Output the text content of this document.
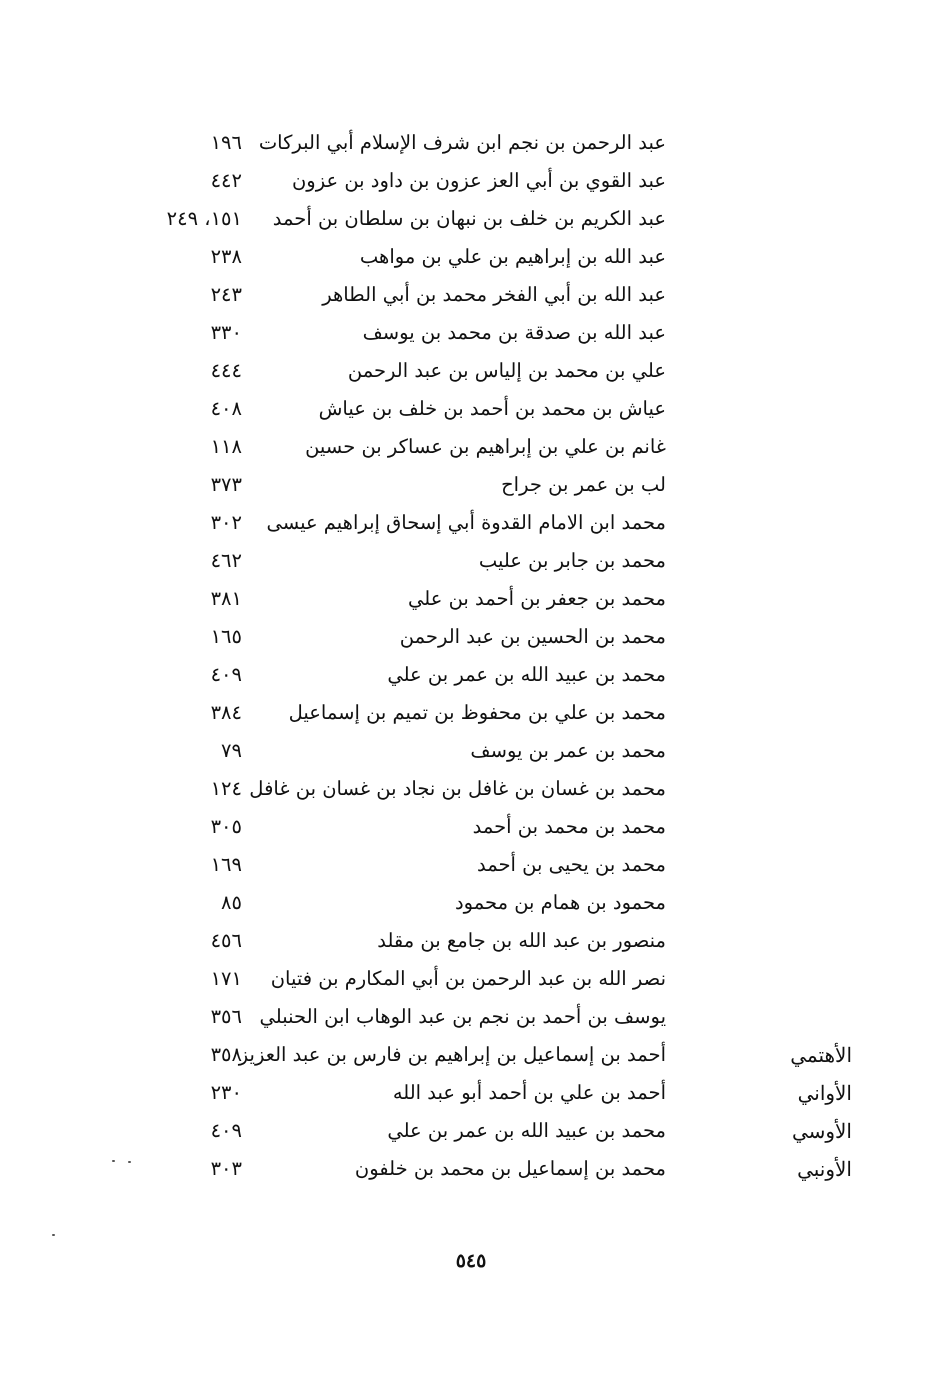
عبد الرحمن بن نجم ابن شرف الإسلام أبي البركات
١٩٦
عبد القوي بن أبي العز عزون بن داود بن عزون
٤٤٢
عبد الكريم بن خلف بن نبهان بن سلطان بن أحمد
١٥١، ٢٤٩
عبد الله بن إبراهيم بن علي بن مواهب
٢٣٨
عبد الله بن أبي الفخر محمد بن أبي الطاهر
٢٤٣
عبد الله بن صدقة بن محمد بن يوسف
٣٣٠
علي بن محمد بن إلياس بن عبد الرحمن
٤٤٤
عياش بن محمد بن أحمد بن خلف بن عياش
٤٠٨
غانم بن علي بن إبراهيم بن عساكر بن حسين
١١٨
لب بن عمر بن جراح
٣٧٣
محمد ابن الامام القدوة أبي إسحاق إبراهيم عيسى
٣٠٢
محمد بن جابر بن عليب
٤٦٢
محمد بن جعفر بن أحمد بن علي
٣٨١
محمد بن الحسين بن عبد الرحمن
١٦٥
محمد بن عبيد الله بن عمر بن علي
٤٠٩
محمد بن علي بن محفوظ بن تميم بن إسماعيل
٣٨٤
محمد بن عمر بن يوسف
٧٩
محمد بن غسان بن غافل بن نجاد بن غسان بن غافل
١٢٤
محمد بن محمد بن أحمد
٣٠٥
محمد بن يحيى بن أحمد
١٦٩
محمود بن همام بن محمود
٨٥
منصور بن عبد الله بن جامع بن مقلد
٤٥٦
نصر الله بن عبد الرحمن بن أبي المكارم بن فتيان
١٧١
يوسف بن أحمد بن نجم بن عبد الوهاب ابن الحنبلي
٣٥٦
الأهتمي
أحمد بن إسماعيل بن إبراهيم بن فارس بن عبد العزيز
٣٥٨
الأواني
أحمد بن علي بن أحمد أبو عبد الله
٢٣٠
الأوسي
محمد بن عبيد الله بن عمر بن علي
٤٠٩
الأونبي
محمد بن إسماعيل بن محمد بن خلفون
٣٠٣
٥٤٥
